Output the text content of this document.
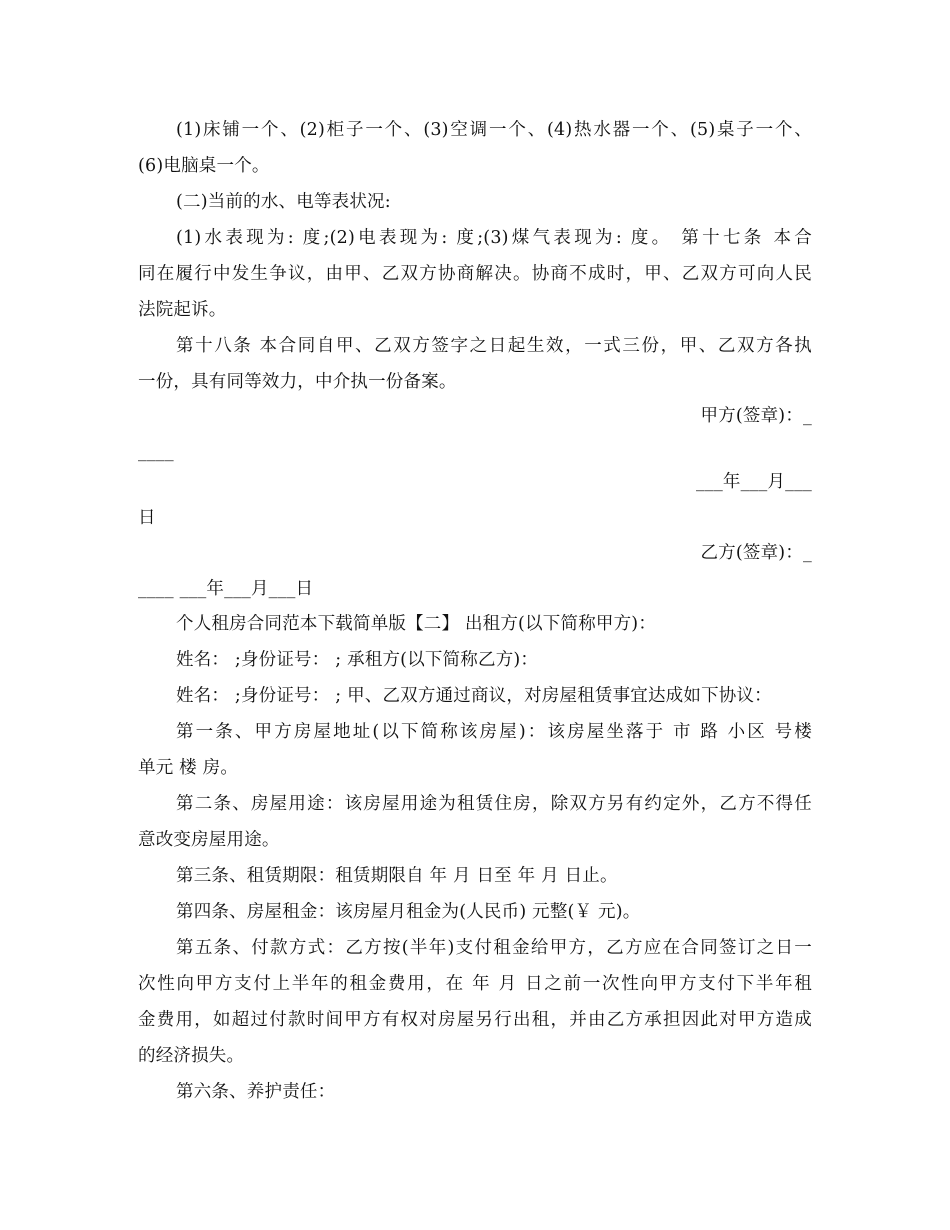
(1)床铺一个、(2)柜子一个、(3)空调一个、(4)热水器一个、(5)桌子一个、
(6)电脑桌一个。
(二)当前的水、电等表状况:
(1)水表现为: 度;(2)电表现为: 度;(3)煤气表现为: 度。 第十七条 本合
同在履行中发生争议，由甲、乙双方协商解决。协商不成时，甲、乙双方可向人民
法院起诉。
第十八条 本合同自甲、乙双方签字之日起生效，一式三份，甲、乙双方各执
一份，具有同等效力，中介执一份备案。
甲方(签章)：_
____
___年___月___
日
乙方(签章)：_
____ ___年___月___日
个人租房合同范本下载简单版【二】 出租方(以下简称甲方)：
姓名： ;身份证号： ; 承租方(以下简称乙方)：
姓名： ;身份证号： ; 甲、乙双方通过商议，对房屋租赁事宜达成如下协议：
第一条、甲方房屋地址(以下简称该房屋)：该房屋坐落于 市 路 小区 号楼
单元 楼 房。
第二条、房屋用途：该房屋用途为租赁住房，除双方另有约定外，乙方不得任
意改变房屋用途。
第三条、租赁期限：租赁期限自 年 月 日至 年 月 日止。
第四条、房屋租金：该房屋月租金为(人民币) 元整(￥ 元)。
第五条、付款方式：乙方按(半年)支付租金给甲方，乙方应在合同签订之日一
次性向甲方支付上半年的租金费用，在 年 月 日之前一次性向甲方支付下半年租
金费用，如超过付款时间甲方有权对房屋另行出租，并由乙方承担因此对甲方造成
的经济损失。
第六条、养护责任：
